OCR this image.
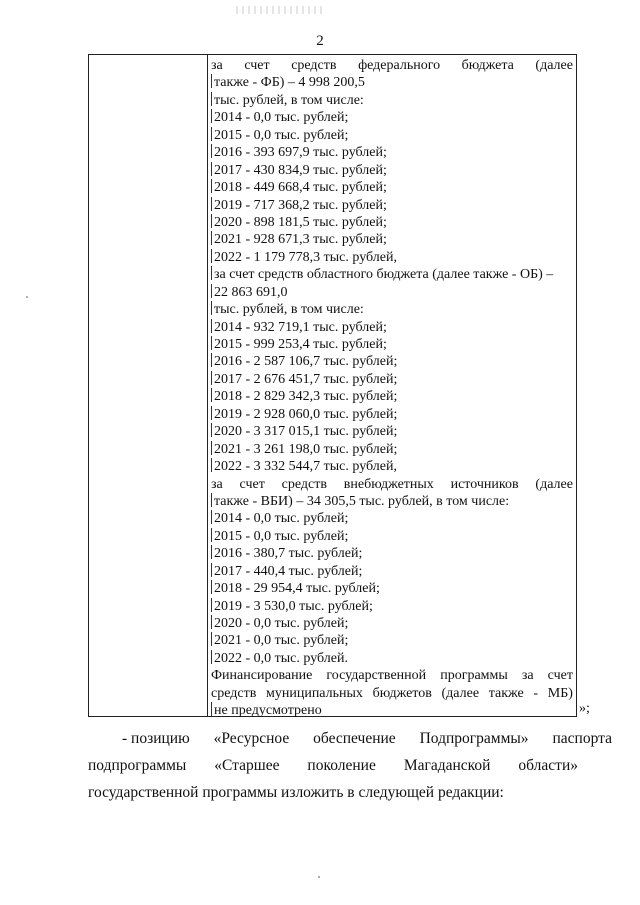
2
за счет средств федерального бюджета (далее
также - ФБ) – 4 998 200,5
тыс. рублей, в том числе:
2014 - 0,0 тыс. рублей;
2015 - 0,0 тыс. рублей;
2016 - 393 697,9 тыс. рублей;
2017 - 430 834,9 тыс. рублей;
2018 - 449 668,4 тыс. рублей;
2019 - 717 368,2 тыс. рублей;
2020 - 898 181,5 тыс. рублей;
2021 - 928 671,3 тыс. рублей;
2022 - 1 179 778,3 тыс. рублей,
за счет средств областного бюджета (далее также - ОБ) –
22 863 691,0
тыс. рублей, в том числе:
2014 - 932 719,1 тыс. рублей;
2015 - 999 253,4 тыс. рублей;
2016 - 2 587 106,7 тыс. рублей;
2017 - 2 676 451,7 тыс. рублей;
2018 - 2 829 342,3 тыс. рублей;
2019 - 2 928 060,0 тыс. рублей;
2020 - 3 317 015,1 тыс. рублей;
2021 - 3 261 198,0 тыс. рублей;
2022 - 3 332 544,7 тыс. рублей,
за счет средств внебюджетных источников (далее
также - ВБИ) – 34 305,5 тыс. рублей, в том числе:
2014 - 0,0 тыс. рублей;
2015 - 0,0 тыс. рублей;
2016 - 380,7 тыс. рублей;
2017 - 440,4 тыс. рублей;
2018 - 29 954,4 тыс. рублей;
2019 - 3 530,0 тыс. рублей;
2020 - 0,0 тыс. рублей;
2021 - 0,0 тыс. рублей;
2022 - 0,0 тыс. рублей.
Финансирование государственной программы за счет
средств муниципальных бюджетов (далее также - МБ)
не предусмотрено	»;
- позицию «Ресурсное обеспечение Подпрограммы» паспорта
подпрограммы «Старшее поколение Магаданской области»
государственной программы изложить в следующей редакции:
